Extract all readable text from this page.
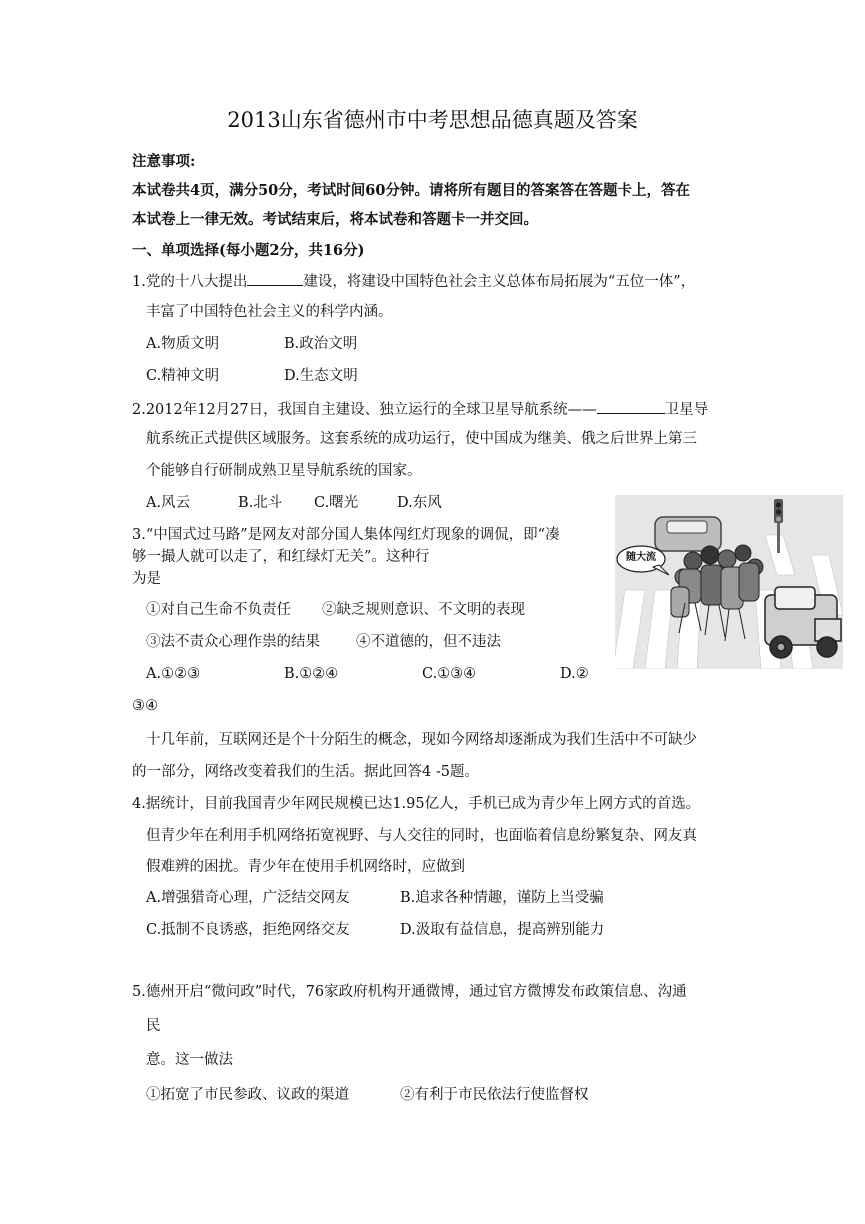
2013山东省德州市中考思想品德真题及答案
注意事项:
本试卷共4页，满分50分，考试时间60分钟。请将所有题目的答案答在答题卡上，答在
本试卷上一律无效。考试结束后，将本试卷和答题卡一并交回。
一、单项选择(每小题2分，共16分)
1.党的十八大提出	建设，将建设中国特色社会主义总体布局拓展为“五位一体”，
丰富了中国特色社会主义的科学内涵。
A.物质文明	B.政治文明
C.精神文明	D.生态文明
2.2012年12月27日，我国自主建设、独立运行的全球卫星导航系统——	卫星导
航系统正式提供区域服务。这套系统的成功运行，使中国成为继美、俄之后世界上第三
个能够自行研制成熟卫星导航系统的国家。
A.风云	B.北斗 C.曙光	D.东风
3.“中国式过马路”是网友对部分国人集体闯红灯现象的调侃，即“凑
够一撮人就可以走了，和红绿灯无关”。这种行
为是
①对自己生命不负责任 ②缺乏规则意识、不文明的表现
③法不责众心理作祟的结果 ④不道德的，但不违法
A.①②③	B.①②④	C.①③④	D.②
③④
随大流
十几年前，互联网还是个十分陌生的概念，现如今网络却逐渐成为我们生活中不可缺少
的一部分，网络改变着我们的生活。据此回答4 -5题。
4.据统计，目前我国青少年网民规模已达1.95亿人，手机已成为青少年上网方式的首选。
但青少年在利用手机网络拓宽视野、与人交往的同时，也面临着信息纷繁复杂、网友真
假难辨的困扰。青少年在使用手机网络时，应做到
A.增强猎奇心理，广泛结交网友	B.追求各种情趣，谨防上当受骗
C.抵制不良诱惑，拒绝网络交友	D.汲取有益信息，提高辨别能力
5.德州开启“微问政”时代，76家政府机构开通微博，通过官方微博发布政策信息、沟通
民
意。这一做法
①拓宽了市民参政、议政的渠道	②有利于市民依法行使监督权
